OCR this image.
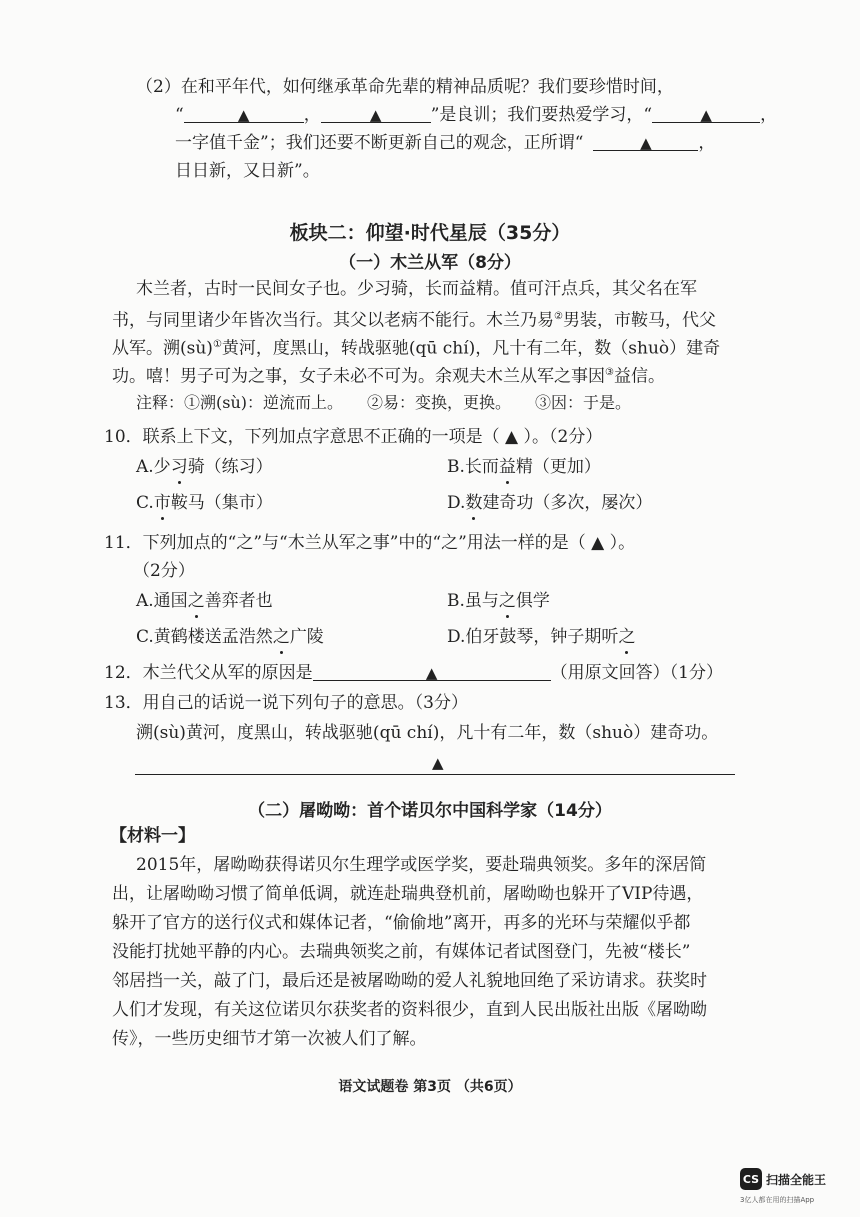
（2）在和平年代，如何继承革命先辈的精神品质呢？我们要珍惜时间，
“	▲	，	▲	”是良训；我们要热爱学习，“	▲	，
一字值千金”；我们还要不断更新自己的观念，正所谓“	▲	，
日日新，又日新”。
板块二：仰望·时代星辰（35分）
（一）木兰从军（8分）
木兰者，古时一民间女子也。少习骑，长而益精。值可汗点兵，其父名在军
书，与同里诸少年皆次当行。其父以老病不能行。木兰乃易②男装，市鞍马，代父
从军。溯(sù)①黄河，度黑山，转战驱驰(qū chí)，凡十有二年，数（shuò）建奇
功。嘻！男子可为之事，女子未必不可为。余观夫木兰从军之事因③益信。
注释：①溯(sù)：逆流而上。　　②易：变换，更换。　　③因：于是。
10．联系上下文，下列加点字意思不正确的一项是（ ▲ ）。（2分）
A.少习骑（练习）	B.长而益精（更加）
C.市鞍马（集市）	D.数建奇功（多次，屡次）
11．下列加点的“之”与“木兰从军之事”中的“之”用法一样的是（ ▲ ）。
（2分）
A.通国之善弈者也	B.虽与之俱学
C.黄鹤楼送孟浩然之广陵	D.伯牙鼓琴，钟子期听之
12．木兰代父从军的原因是	▲	（用原文回答）（1分）
13．用自己的话说一说下列句子的意思。（3分）
溯(sù)黄河，度黑山，转战驱驰(qū chí)，凡十有二年，数（shuò）建奇功。
▲
（二）屠呦呦：首个诺贝尔中国科学家（14分）
【材料一】
2015年，屠呦呦获得诺贝尔生理学或医学奖，要赴瑞典领奖。多年的深居简
出，让屠呦呦习惯了简单低调，就连赴瑞典登机前，屠呦呦也躲开了VIP待遇，
躲开了官方的送行仪式和媒体记者，“偷偷地”离开，再多的光环与荣耀似乎都
没能打扰她平静的内心。去瑞典领奖之前，有媒体记者试图登门，先被“楼长”
邻居挡一关，敲了门，最后还是被屠呦呦的爱人礼貌地回绝了采访请求。获奖时
人们才发现，有关这位诺贝尔获奖者的资料很少，直到人民出版社出版《屠呦呦
传》，一些历史细节才第一次被人们了解。
语文试题卷 第3页 （共6页）
CS 扫描全能王
3亿人都在用的扫描App
